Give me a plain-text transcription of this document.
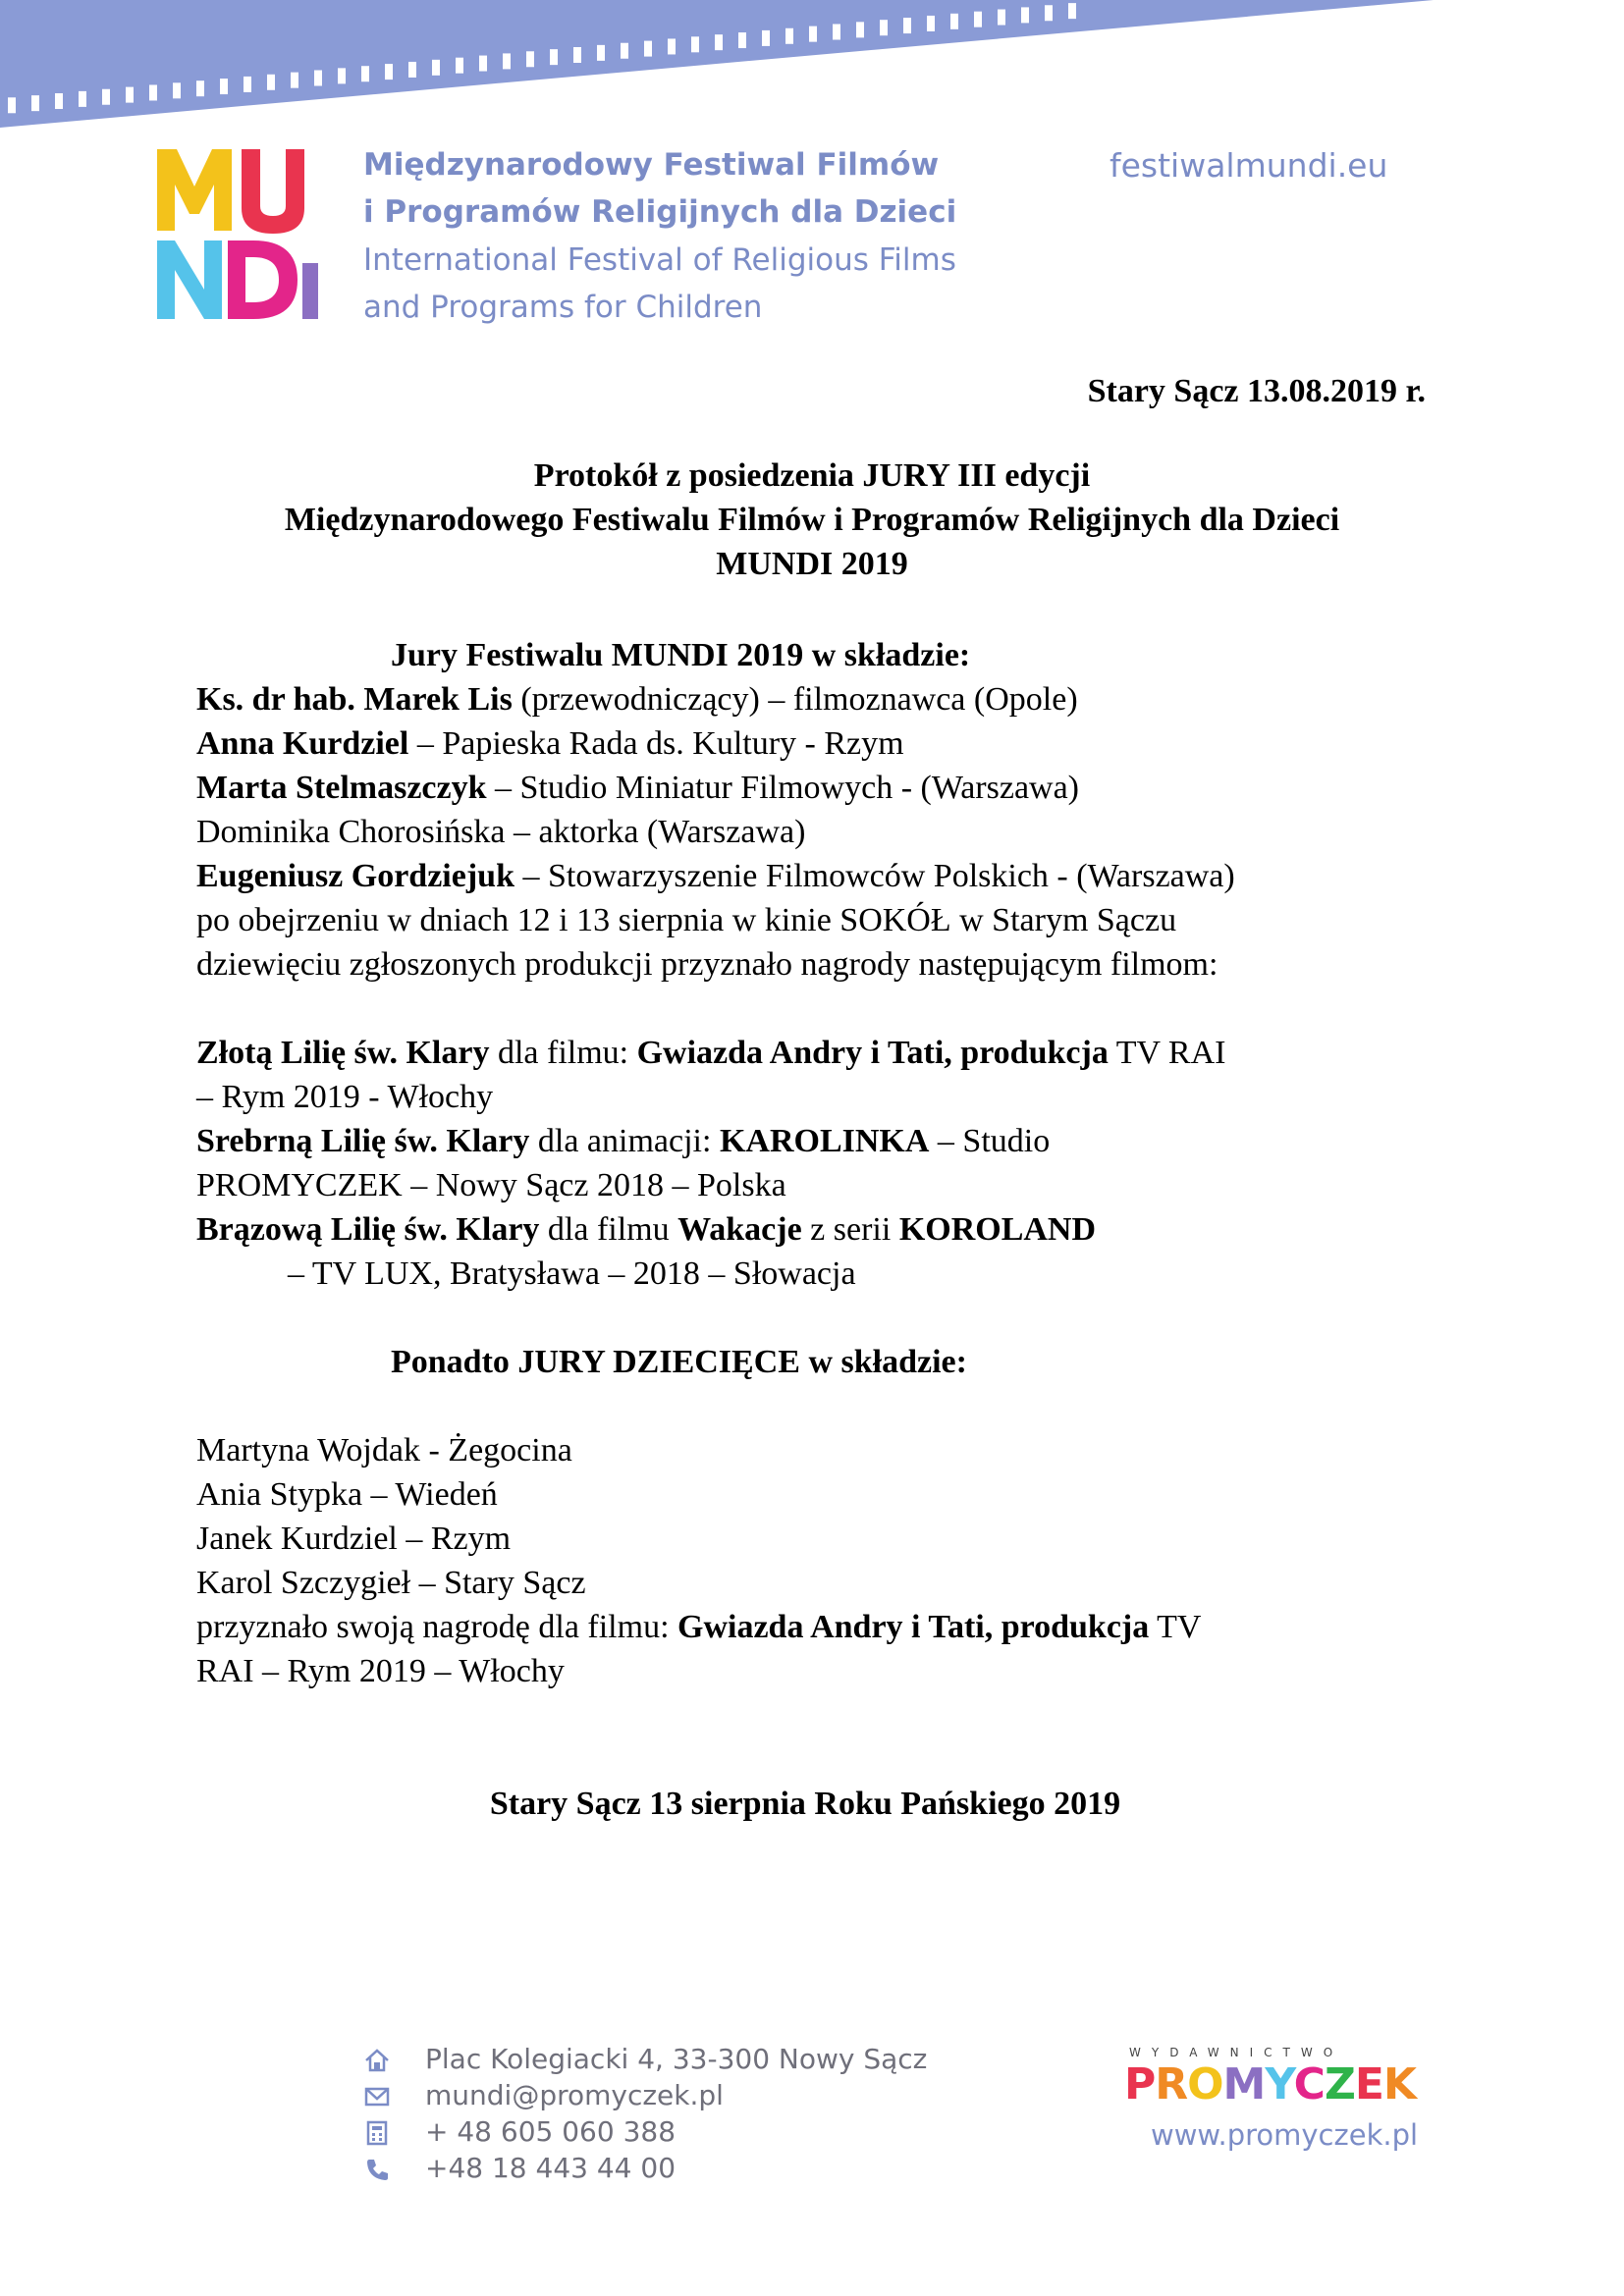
Międzynarodowy Festiwal Filmów
i Programów Religijnych dla Dzieci
International Festival of Religious Films
and Programs for Children
festiwalmundi.eu
Stary Sącz 13.08.2019 r.
Protokół z posiedzenia JURY III edycji
Międzynarodowego Festiwalu Filmów i Programów Religijnych dla Dzieci
MUNDI 2019
Jury Festiwalu MUNDI 2019 w składzie:
Ks. dr hab. Marek Lis (przewodniczący) – filmoznawca (Opole)
Anna Kurdziel – Papieska Rada ds. Kultury - Rzym
Marta Stelmaszczyk – Studio Miniatur Filmowych - (Warszawa)
Dominika Chorosińska – aktorka (Warszawa)
Eugeniusz Gordziejuk – Stowarzyszenie Filmowców Polskich - (Warszawa)
po obejrzeniu w dniach 12 i 13 sierpnia w kinie SOKÓŁ w Starym Sączu
dziewięciu zgłoszonych produkcji przyznało nagrody następującym filmom:
Złotą Lilię św. Klary dla filmu: Gwiazda Andry i Tati, produkcja TV RAI
– Rym 2019 - Włochy
Srebrną Lilię św. Klary dla animacji: KAROLINKA – Studio
PROMYCZEK – Nowy Sącz 2018 – Polska
Brązową Lilię św. Klary dla filmu Wakacje z serii KOROLAND
– TV LUX, Bratysława – 2018 – Słowacja
Ponadto JURY DZIECIĘCE w składzie:
Martyna Wojdak - Żegocina
Ania Stypka – Wiedeń
Janek Kurdziel – Rzym
Karol Szczygieł – Stary Sącz
przyznało swoją nagrodę dla filmu: Gwiazda Andry i Tati, produkcja TV
RAI – Rym 2019 – Włochy
Stary Sącz 13 sierpnia Roku Pańskiego 2019
Plac Kolegiacki 4, 33-300 Nowy Sącz
mundi@promyczek.pl
+ 48 605 060 388
+48 18 443 44 00
WYDAWNICTWO
PROMYCZEK
www.promyczek.pl
